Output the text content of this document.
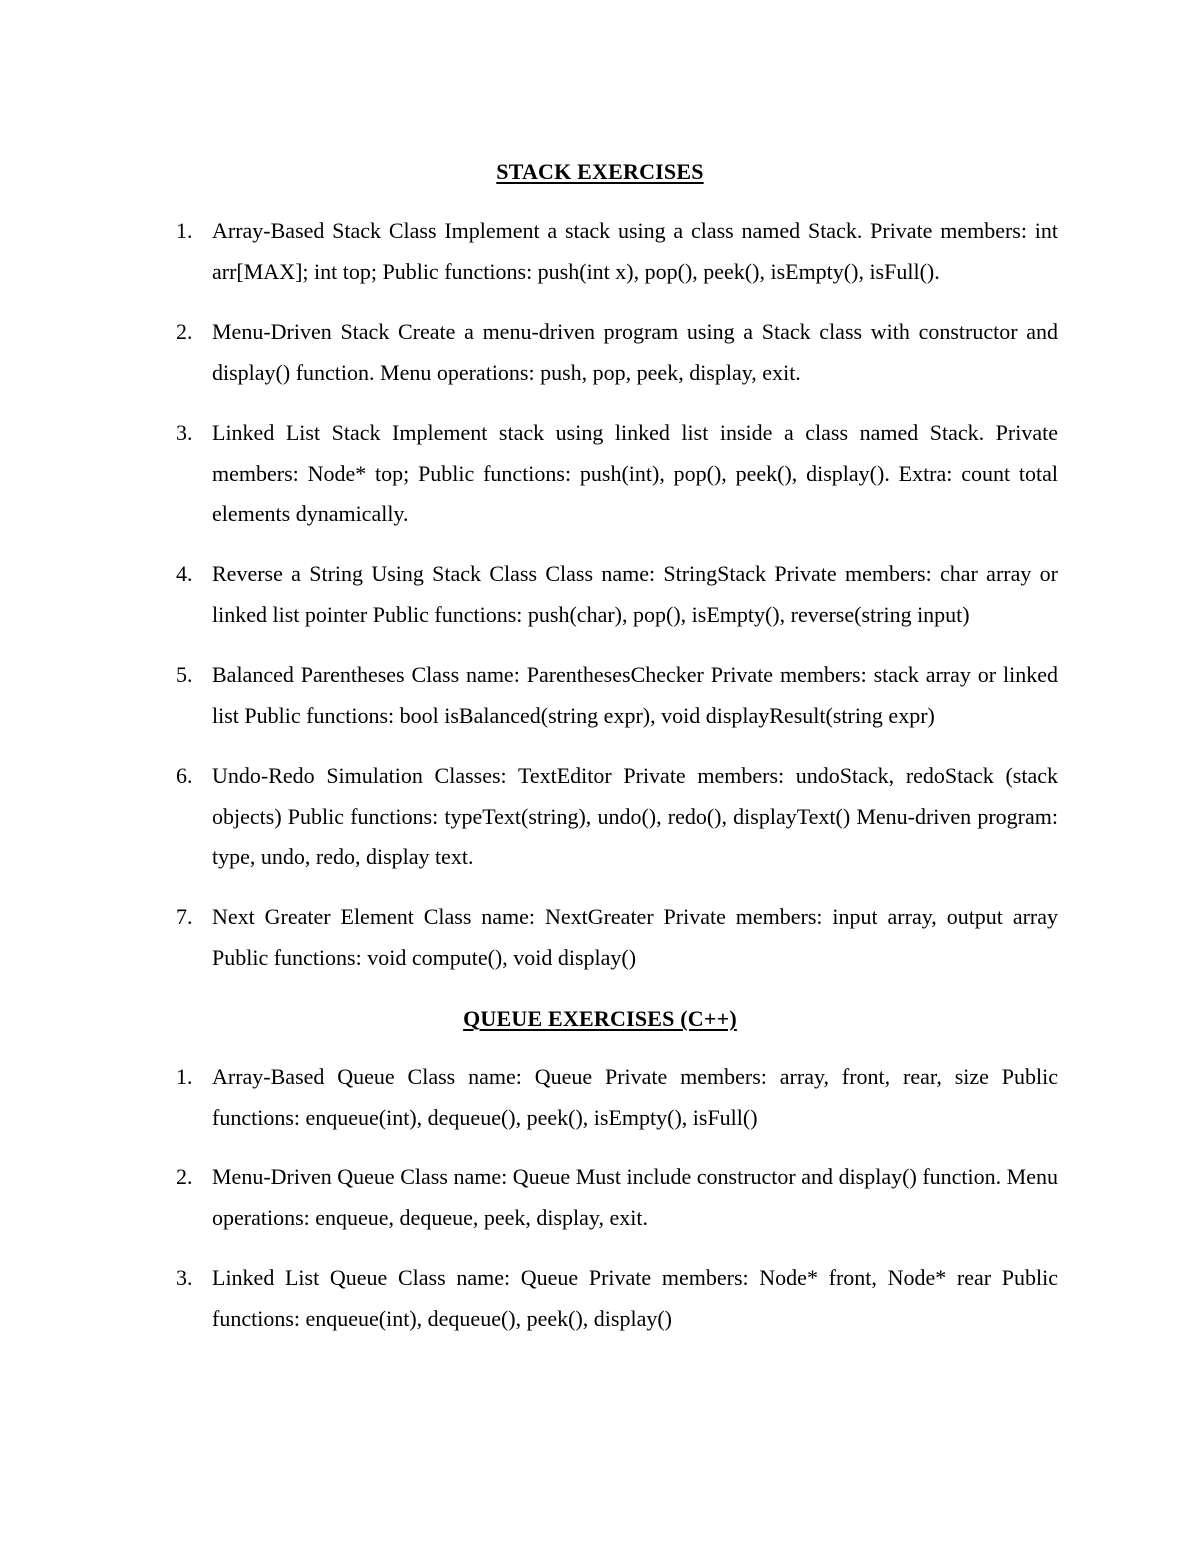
STACK EXERCISES
1. Array-Based Stack Class Implement a stack using a class named Stack. Private members: int arr[MAX]; int top; Public functions: push(int x), pop(), peek(), isEmpty(), isFull().
2. Menu-Driven Stack Create a menu-driven program using a Stack class with constructor and display() function. Menu operations: push, pop, peek, display, exit.
3. Linked List Stack Implement stack using linked list inside a class named Stack. Private members: Node* top; Public functions: push(int), pop(), peek(), display(). Extra: count total elements dynamically.
4. Reverse a String Using Stack Class Class name: StringStack Private members: char array or linked list pointer Public functions: push(char), pop(), isEmpty(), reverse(string input)
5. Balanced Parentheses Class name: ParenthesesChecker Private members: stack array or linked list Public functions: bool isBalanced(string expr), void displayResult(string expr)
6. Undo-Redo Simulation Classes: TextEditor Private members: undoStack, redoStack (stack objects) Public functions: typeText(string), undo(), redo(), displayText() Menu-driven program: type, undo, redo, display text.
7. Next Greater Element Class name: NextGreater Private members: input array, output array Public functions: void compute(), void display()
QUEUE EXERCISES (C++)
1. Array-Based Queue Class name: Queue Private members: array, front, rear, size Public functions: enqueue(int), dequeue(), peek(), isEmpty(), isFull()
2. Menu-Driven Queue Class name: Queue Must include constructor and display() function. Menu operations: enqueue, dequeue, peek, display, exit.
3. Linked List Queue Class name: Queue Private members: Node* front, Node* rear Public functions: enqueue(int), dequeue(), peek(), display()
